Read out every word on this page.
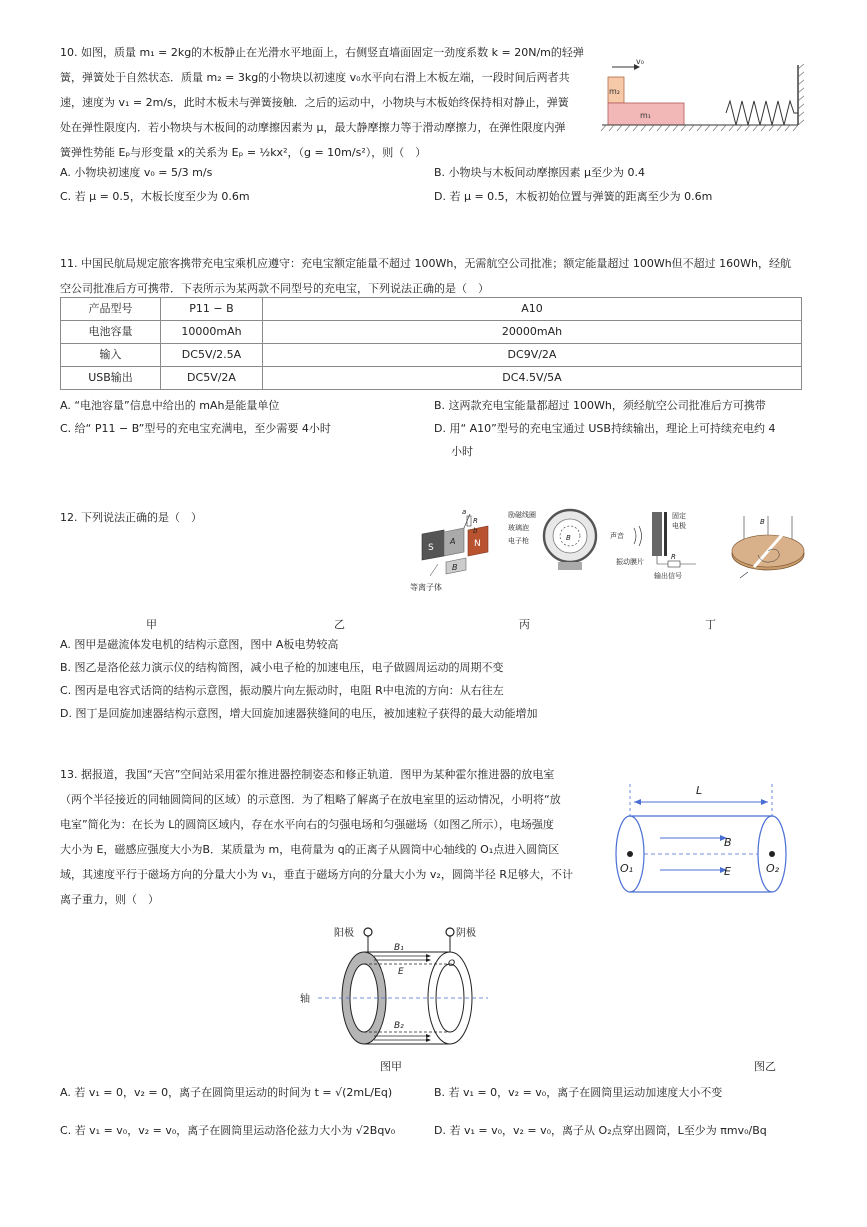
10. 如图，质量 m₁ = 2kg的木板静止在光滑水平地面上，右侧竖直墙面固定一劲度系数 k = 20N/m的轻弹

簧，弹簧处于自然状态．质量 m₂ = 3kg的小物块以初速度 v₀水平向右滑上木板左端，一段时间后两者共

速，速度为 v₁ = 2m/s，此时木板未与弹簧接触．之后的运动中，小物块与木板始终保持相对静止，弹簧

处在弹性限度内．若小物块与木板间的动摩擦因素为 μ，最大静摩擦力等于滑动摩擦力，在弹性限度内弹

簧弹性势能 Eₚ与形变量 x的关系为 Eₚ = ½kx²，（g = 10m/s²），则（　）

A. 小物块初速度 v₀ = 5/3 m/s	B. 小物块与木板间动摩擦因素 μ至少为 0.4
C. 若 μ = 0.5，木板长度至少为 0.6m	D. 若 μ = 0.5，木板初始位置与弹簧的距离至少为 0.6m
v₀
m₂
m₁

11. 中国民航局规定旅客携带充电宝乘机应遵守：充电宝额定能量不超过 100Wh，无需航空公司批准；额定能量超过 100Wh但不超过 160Wh，经航

空公司批准后方可携带．下表所示为某两款不同型号的充电宝，下列说法正确的是（　）

产品型号	P11 − B	A10
电池容量	10000mAh	20000mAh
输入	DC5V/2.5A	DC9V/2A
USB输出	DC5V/2A	DC4.5V/5A
A. “电池容量”信息中给出的 mAh是能量单位	B. 这两款充电宝能量都超过 100Wh，须经航空公司批准后方可携带
C. 给“ P11 − B”型号的充电宝充满电，至少需要 4小时	D. 用“ A10”型号的充电宝通过 USB持续输出，理论上可持续充电约 4
小时
12. 下列说法正确的是（　）
S
A N
B
a
R
b
等离子体
励磁线圈
玻璃泡
电子枪	B	声音
固定
电极
振动膜片
R
输出信号
B
甲	乙	丙	丁
A. 图甲是磁流体发电机的结构示意图，图中 A板电势较高
B. 图乙是洛伦兹力演示仪的结构简图，减小电子枪的加速电压，电子做圆周运动的周期不变
C. 图丙是电容式话筒的结构示意图，振动膜片向左振动时，电阻 R中电流的方向：从右往左
D. 图丁是回旋加速器结构示意图，增大回旋加速器狭缝间的电压，被加速粒子获得的最大动能增加

13. 据报道，我国“天宫”空间站采用霍尔推进器控制姿态和修正轨道．图甲为某种霍尔推进器的放电室

（两个半径接近的同轴圆筒间的区域）的示意图．为了粗略了解离子在放电室里的运动情况，小明将“放

电室”简化为：在长为 L的圆筒区域内，存在水平向右的匀强电场和匀强磁场（如图乙所示），电场强度

大小为 E，磁感应强度大小为B．某质量为 m，电荷量为 q的正离子从圆筒中心轴线的 O₁点进入圆筒区

域，其速度平行于磁场方向的分量大小为 v₁，垂直于磁场方向的分量大小为 v₂，圆筒半径 R足够大，不计

离子重力，则（　）

L
B
E
O₁	O₂
阳极	阴极
B₁
E
B₂
O
轴
图甲	图乙
A. 若 v₁ = 0，v₂ = 0，离子在圆筒里运动的时间为 t = √(2mL/Eq)	B. 若 v₁ = 0，v₂ = v₀，离子在圆筒里运动加速度大小不变
C. 若 v₁ = v₀，v₂ = v₀，离子在圆筒里运动洛伦兹力大小为 √2Bqv₀	D. 若 v₁ = v₀，v₂ = v₀，离子从 O₂点穿出圆筒，L至少为 πmv₀/Bq
